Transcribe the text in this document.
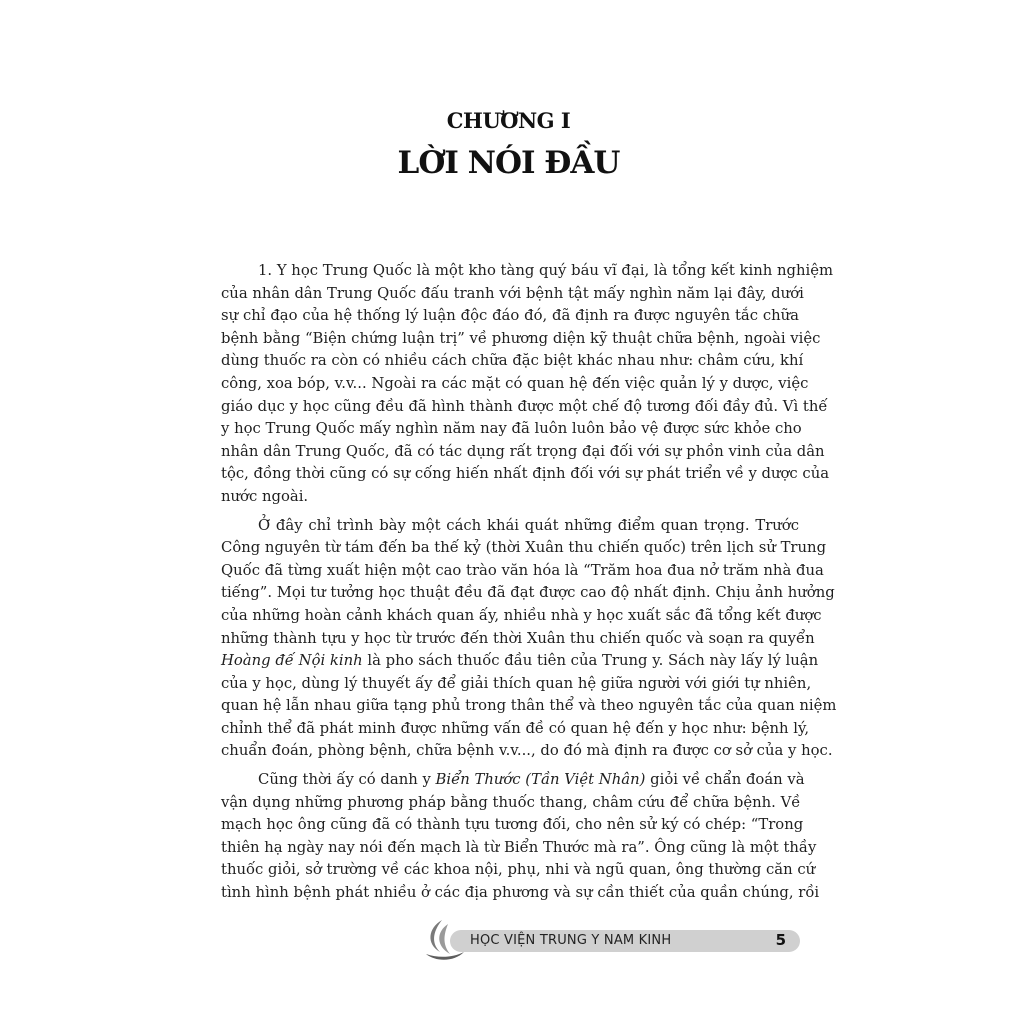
CHƯƠNG I
LỜI NÓI ĐẦU
1. Y học Trung Quốc là một kho tàng quý báu vĩ đại, là tổng kết kinh nghiệm
của nhân dân Trung Quốc đấu tranh với bệnh tật mấy nghìn năm lại đây, dưới
sự chỉ đạo của hệ thống lý luận độc đáo đó, đã định ra được nguyên tắc chữa
bệnh bằng “Biện chứng luận trị” về phương diện kỹ thuật chữa bệnh, ngoài việc
dùng thuốc ra còn có nhiều cách chữa đặc biệt khác nhau như: châm cứu, khí
công, xoa bóp, v.v... Ngoài ra các mặt có quan hệ đến việc quản lý y dược, việc
giáo dục y học cũng đều đã hình thành được một chế độ tương đối đầy đủ. Vì thế
y học Trung Quốc mấy nghìn năm nay đã luôn luôn bảo vệ được sức khỏe cho
nhân dân Trung Quốc, đã có tác dụng rất trọng đại đối với sự phồn vinh của dân
tộc, đồng thời cũng có sự cống hiến nhất định đối với sự phát triển về y dược của
nước ngoài.
Ở đây chỉ trình bày một cách khái quát những điểm quan trọng. Trước
Công nguyên từ tám đến ba thế kỷ (thời Xuân thu chiến quốc) trên lịch sử Trung
Quốc đã từng xuất hiện một cao trào văn hóa là “Trăm hoa đua nở trăm nhà đua
tiếng”. Mọi tư tưởng học thuật đều đã đạt được cao độ nhất định. Chịu ảnh hưởng
của những hoàn cảnh khách quan ấy, nhiều nhà y học xuất sắc đã tổng kết được
những thành tựu y học từ trước đến thời Xuân thu chiến quốc và soạn ra quyển
Hoàng đế Nội kinh là pho sách thuốc đầu tiên của Trung y. Sách này lấy lý luận
của y học, dùng lý thuyết ấy để giải thích quan hệ giữa người với giới tự nhiên,
quan hệ lẫn nhau giữa tạng phủ trong thân thể và theo nguyên tắc của quan niệm
chỉnh thể đã phát minh được những vấn đề có quan hệ đến y học như: bệnh lý,
chuẩn đoán, phòng bệnh, chữa bệnh v.v..., do đó mà định ra được cơ sở của y học.
Cũng thời ấy có danh y Biển Thước (Tần Việt Nhân) giỏi về chẩn đoán và
vận dụng những phương pháp bằng thuốc thang, châm cứu để chữa bệnh. Về
mạch học ông cũng đã có thành tựu tương đối, cho nên sử ký có chép: “Trong
thiên hạ ngày nay nói đến mạch là từ Biển Thước mà ra”. Ông cũng là một thầy
thuốc giỏi, sở trường về các khoa nội, phụ, nhi và ngũ quan, ông thường căn cứ
tình hình bệnh phát nhiều ở các địa phương và sự cần thiết của quần chúng, rồi
HỌC VIỆN TRUNG Y NAM KINH	5
